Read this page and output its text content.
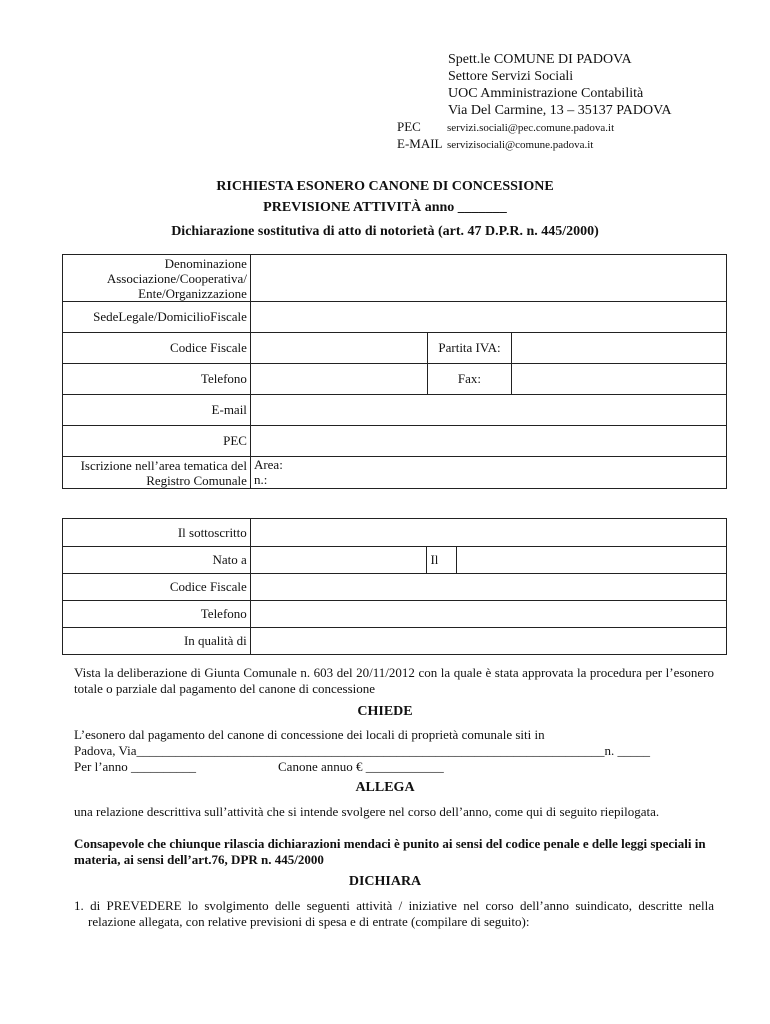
Spett.le COMUNE DI PADOVA
Settore Servizi Sociali
UOC Amministrazione Contabilità
Via Del Carmine, 13 – 35137 PADOVA
PEC servizi.sociali@pec.comune.padova.it
E-MAIL servizisociali@comune.padova.it
RICHIESTA ESONERO CANONE DI CONCESSIONE
PREVISIONE ATTIVITÀ anno _______
Dichiarazione sostitutiva di atto di notorietà (art. 47 D.P.R. n. 445/2000)
Denominazione Associazione/Cooperativa/ Ente/Organizzazione			
SedeLegale/DomicilioFiscale			
Codice Fiscale		Partita IVA:	
Telefono		Fax:	
E-mail			
PEC			
Iscrizione nell’area tematica del Registro Comunale	Area:
n.:		
Il sottoscritto			
Nato a		Il	
Codice Fiscale			
Telefono			
In qualità di			
Vista la deliberazione di Giunta Comunale n. 603 del 20/11/2012 con la quale è stata approvata la procedura per l’esonero totale o parziale dal pagamento del canone di concessione
CHIEDE
L’esonero dal pagamento del canone di concessione dei locali di proprietà comunale siti in
Padova, Via________________________________________________________________________n. _____
Per l’anno __________	Canone annuo € ____________
ALLEGA
una relazione descrittiva sull’attività che si intende svolgere nel corso dell’anno, come qui di seguito riepilogata.
Consapevole che chiunque rilascia dichiarazioni mendaci è punito ai sensi del codice penale e delle leggi speciali in materia, ai sensi dell’art.76, DPR n. 445/2000
DICHIARA
1. di PREVEDERE lo svolgimento delle seguenti attività / iniziative nel corso dell’anno suindicato, descritte nella relazione allegata, con relative previsioni di spesa e di entrate (compilare di seguito):
